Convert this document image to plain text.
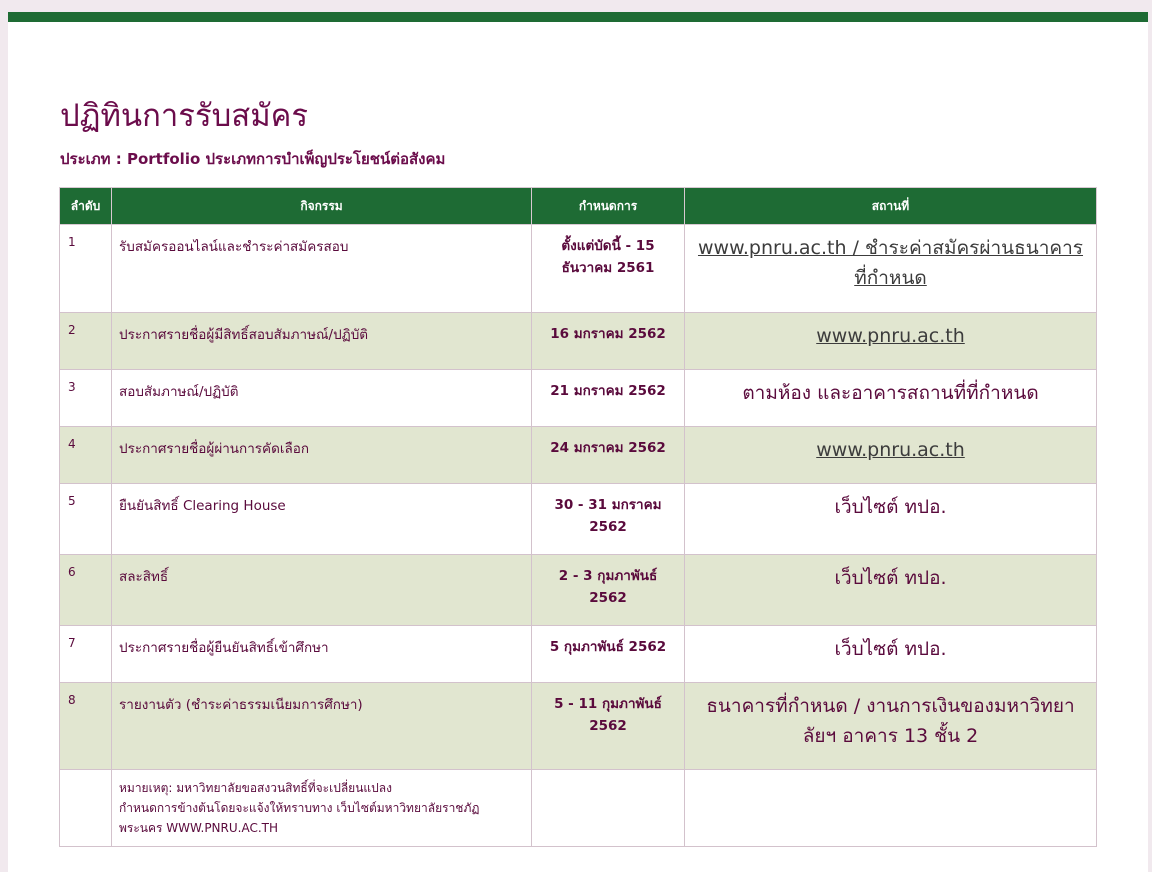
ปฏิทินการรับสมัคร
ประเภท : Portfolio ประเภทการบำเพ็ญประโยชน์ต่อสังคม
ลำดับ	กิจกรรม	กำหนดการ	สถานที่
1	รับสมัครออนไลน์และชำระค่าสมัครสอบ	ตั้งแต่บัดนี้ - 15 ธันวาคม 2561	www.pnru.ac.th / ชำระค่าสมัครผ่านธนาคารที่กำหนด
2	ประกาศรายชื่อผู้มีสิทธิ์สอบสัมภาษณ์/ปฏิบัติ	16 มกราคม 2562	www.pnru.ac.th
3	สอบสัมภาษณ์/ปฏิบัติ	21 มกราคม 2562	ตามห้อง และอาคารสถานที่ที่กำหนด
4	ประกาศรายชื่อผู้ผ่านการคัดเลือก	24 มกราคม 2562	www.pnru.ac.th
5	ยืนยันสิทธิ์ Clearing House	30 - 31 มกราคม 2562	เว็บไซต์ ทปอ.
6	สละสิทธิ์	2 - 3 กุมภาพันธ์ 2562	เว็บไซต์ ทปอ.
7	ประกาศรายชื่อผู้ยืนยันสิทธิ์เข้าศึกษา	5 กุมภาพันธ์ 2562	เว็บไซต์ ทปอ.
8	รายงานตัว (ชำระค่าธรรมเนียมการศึกษา)	5 - 11 กุมภาพันธ์ 2562	ธนาคารที่กำหนด / งานการเงินของมหาวิทยาลัยฯ อาคาร 13 ชั้น 2

	หมายเหตุ: มหาวิทยาลัยขอสงวนสิทธิ์ที่จะเปลี่ยนแปลง
กำหนดการข้างต้นโดยจะแจ้งให้ทราบทาง เว็บไซต์มหาวิทยาลัยราชภัฏ
พระนคร WWW.PNRU.AC.TH		
